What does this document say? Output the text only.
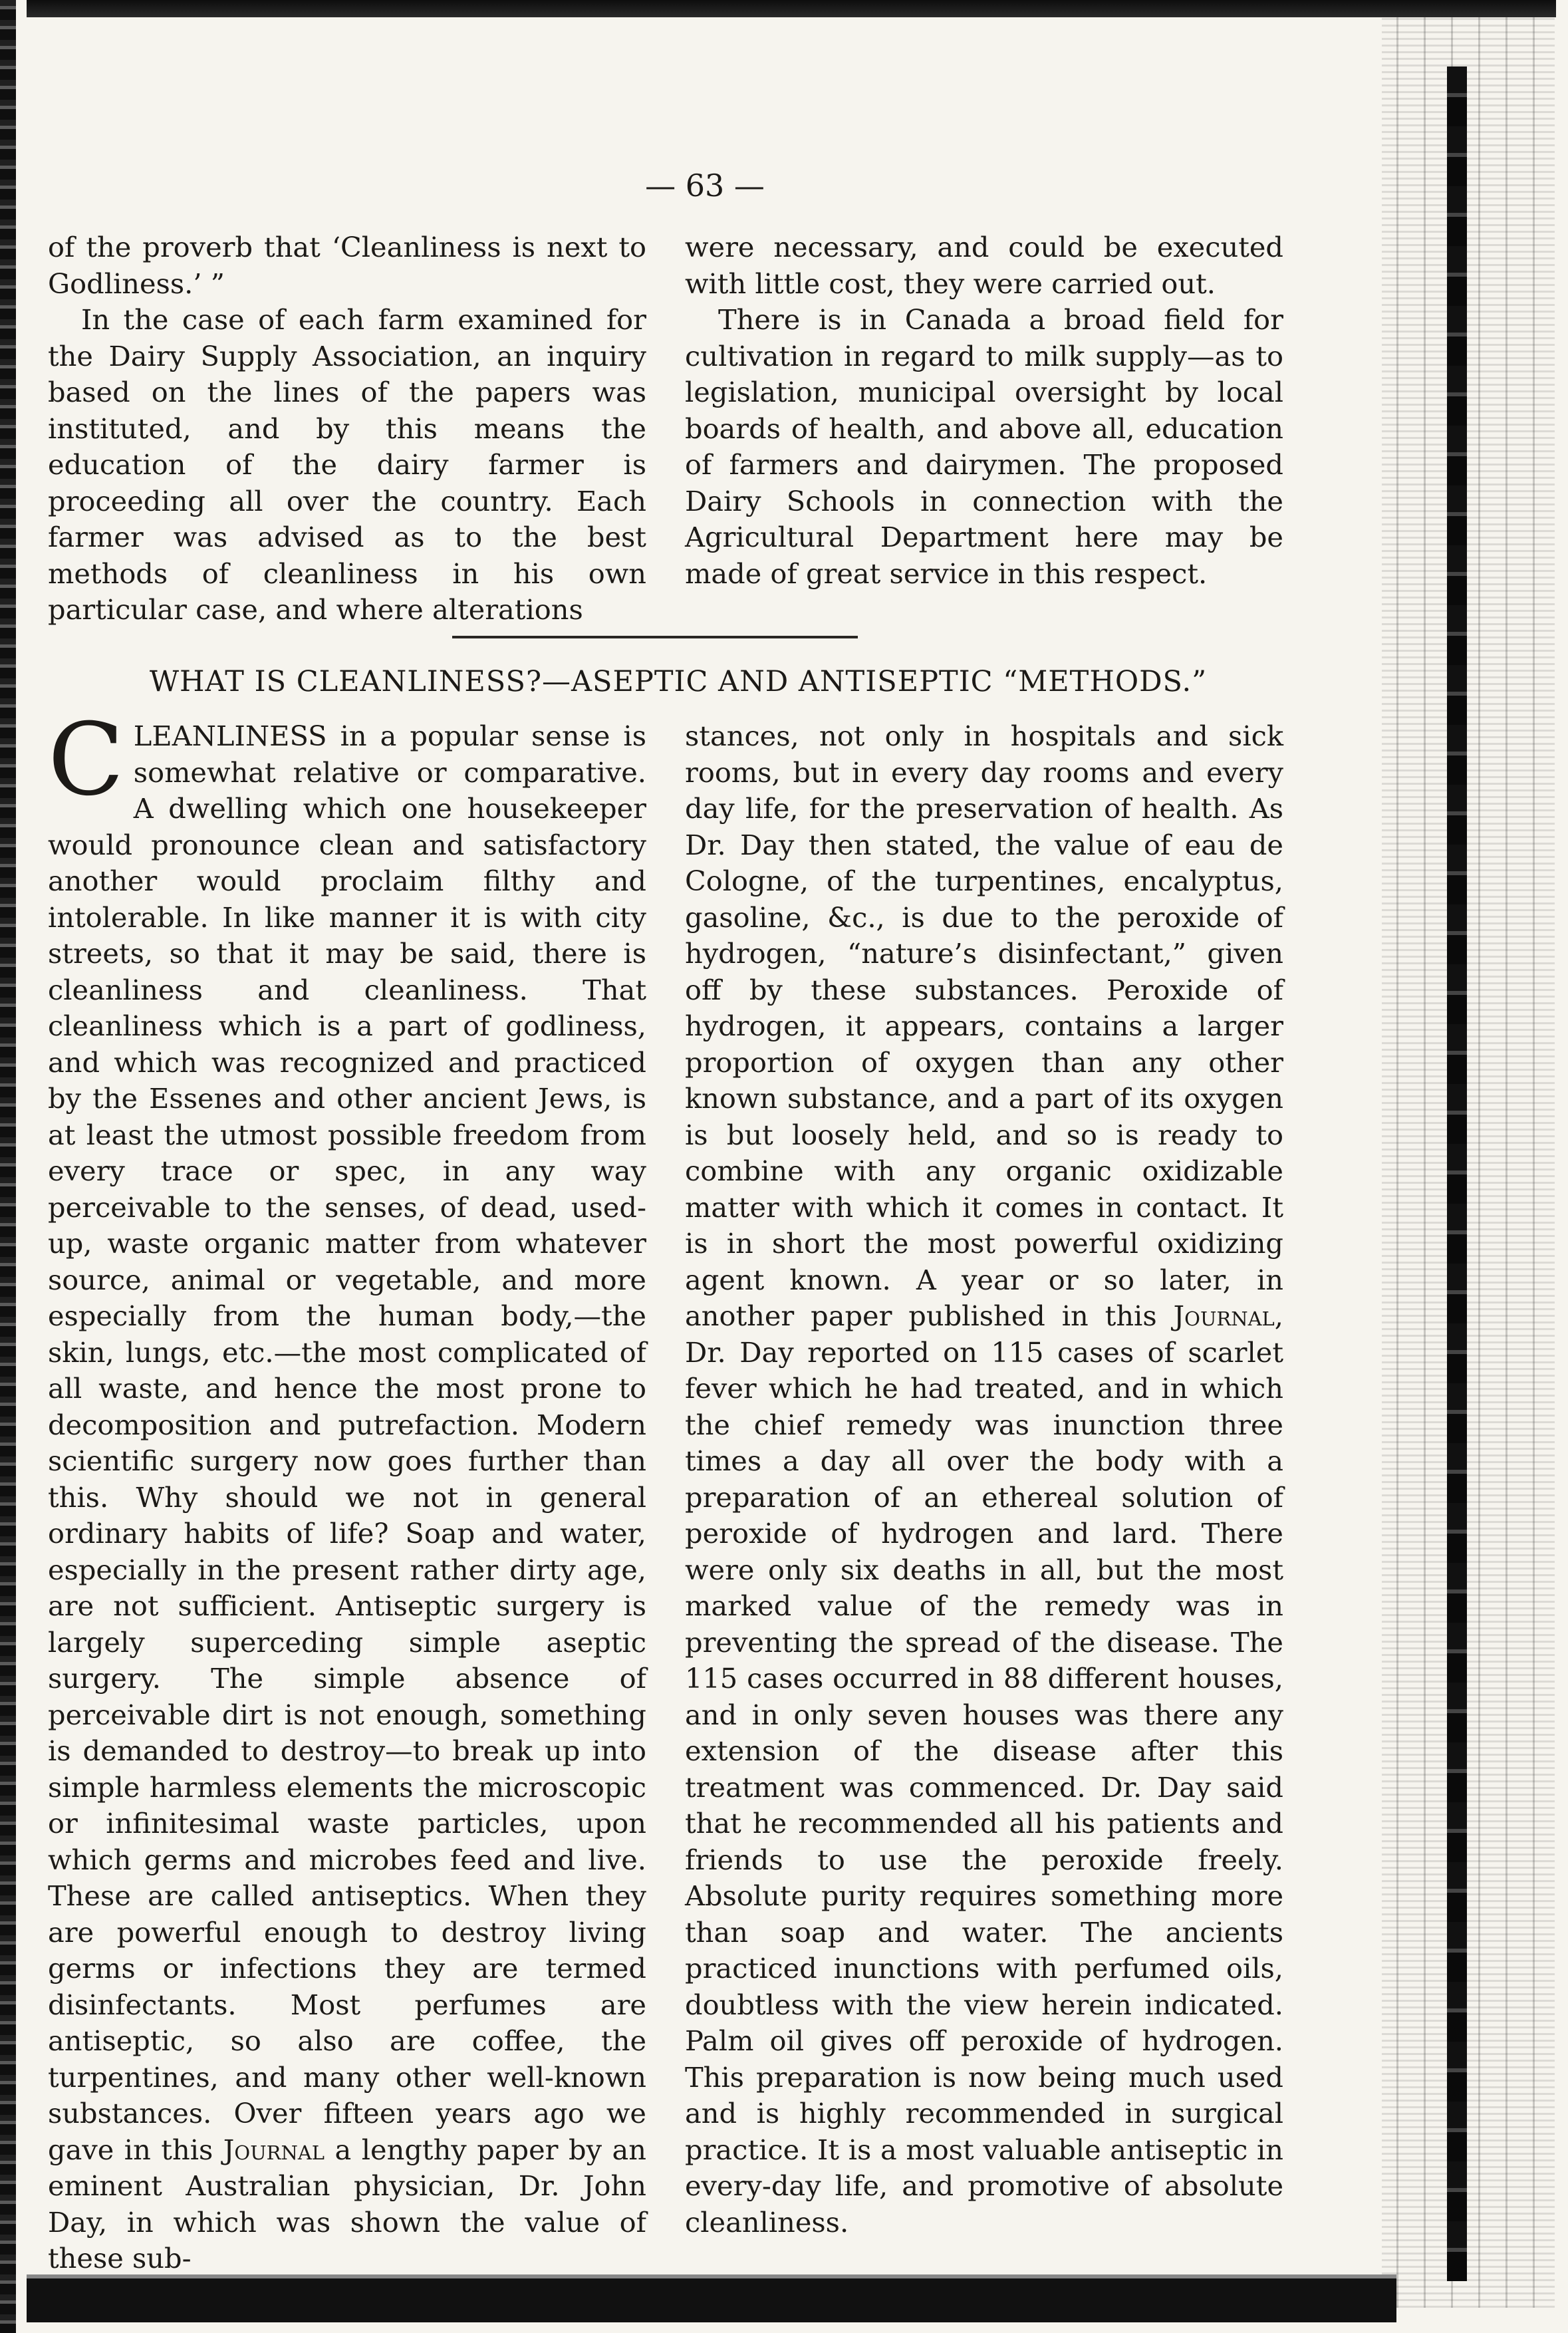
— 63 —

of the proverb that ‘Cleanliness is next to Godliness.’ ”

In the case of each farm examined for the Dairy Supply Association, an inquiry based on the lines of the papers was instituted, and by this means the education of the dairy farmer is proceeding all over the country. Each farmer was advised as to the best methods of cleanliness in his own particular case, and where alterations

were necessary, and could be executed with little cost, they were carried out.

There is in Canada a broad field for cultivation in regard to milk supply—as to legislation, municipal oversight by local boards of health, and above all, education of farmers and dairymen. The proposed Dairy Schools in connection with the Agricultural Department here may be made of great service in this respect.

WHAT IS CLEANLINESS?—ASEPTIC AND ANTISEPTIC “METHODS.”

CLEANLINESS in a popular sense is somewhat relative or comparative. A dwelling which one housekeeper would pronounce clean and satisfactory another would proclaim filthy and intolerable. In like manner it is with city streets, so that it may be said, there is cleanliness and cleanliness. That cleanliness which is a part of godliness, and which was recognized and practiced by the Essenes and other ancient Jews, is at least the utmost possible freedom from every trace or spec, in any way perceivable to the senses, of dead, used-up, waste organic matter from whatever source, animal or vegetable, and more especially from the human body,—the skin, lungs, etc.—the most complicated of all waste, and hence the most prone to decomposition and putrefaction. Modern scientific surgery now goes further than this. Why should we not in general ordinary habits of life? Soap and water, especially in the present rather dirty age, are not sufficient. Antiseptic surgery is largely superceding simple aseptic surgery. The simple absence of perceivable dirt is not enough, something is demanded to destroy—to break up into simple harmless elements the microscopic or infinitesimal waste particles, upon which germs and microbes feed and live. These are called antiseptics. When they are powerful enough to destroy living germs or infections they are termed disinfectants. Most perfumes are antiseptic, so also are coffee, the turpentines, and many other well-known substances. Over fifteen years ago we gave in this Journal a lengthy paper by an eminent Australian physician, Dr. John Day, in which was shown the value of these sub-

stances, not only in hospitals and sick rooms, but in every day rooms and every day life, for the preservation of health. As Dr. Day then stated, the value of eau de Cologne, of the turpentines, encalyptus, gasoline, &c., is due to the peroxide of hydrogen, “nature’s disinfectant,” given off by these substances. Peroxide of hydrogen, it appears, contains a larger proportion of oxygen than any other known substance, and a part of its oxygen is but loosely held, and so is ready to combine with any organic oxidizable matter with which it comes in contact. It is in short the most powerful oxidizing agent known. A year or so later, in another paper published in this Journal, Dr. Day reported on 115 cases of scarlet fever which he had treated, and in which the chief remedy was inunction three times a day all over the body with a preparation of an ethereal solution of peroxide of hydrogen and lard. There were only six deaths in all, but the most marked value of the remedy was in preventing the spread of the disease. The 115 cases occurred in 88 different houses, and in only seven houses was there any extension of the disease after this treatment was commenced. Dr. Day said that he recommended all his patients and friends to use the peroxide freely. Absolute purity requires something more than soap and water. The ancients practiced inunctions with perfumed oils, doubtless with the view herein indicated. Palm oil gives off peroxide of hydrogen. This preparation is now being much used and is highly recommended in surgical practice. It is a most valuable antiseptic in every-day life, and promotive of absolute cleanliness.
